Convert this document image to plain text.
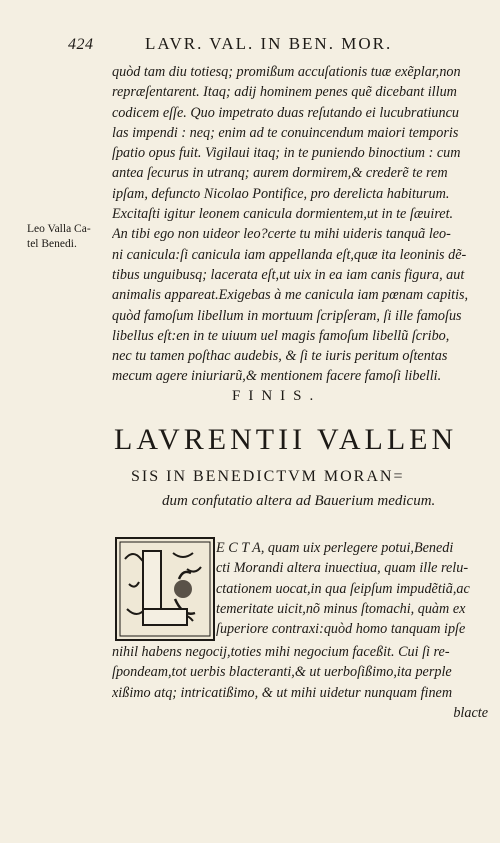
424	LAVR. VAL. IN BEN. MOR.
Leo Valla Ca-
tel Benedi.
quòd tam diu totiesq; promißum accuſationis tuæ exẽplar,non
repræſentarent. Itaq; adij hominem penes quẽ dicebant illum
codicem eſſe. Quo impetrato duas reſutando ei lucubratiuncu
las impendi : neq; enim ad te conuincendum maiori temporis
ſpatio opus fuit. Vigilaui itaq; in te puniendo binoctium : cum
antea ſecurus in utranq; aurem dormirem,& crederẽ te rem
ipſam, defuncto Nicolao Pontifice, pro derelicta habiturum.
Excitaſti igitur leonem canicula dormientem,ut in te ſæuiret.
An tibi ego non uideor leo?certe tu mihi uideris tanquã leo-
ni canicula:ſi canicula iam appellanda eſt,quæ ita leoninis dẽ-
tibus unguibusq; lacerata eſt,ut uix in ea iam canis figura, aut
animalis appareat.Exigebas à me canicula iam pœnam capitis,
quòd famoſum libellum in mortuum ſcripſeram, ſi ille famoſus
libellus eſt:en in te uiuum uel magis famoſum libellũ ſcribo,
nec tu tamen poſthac audebis, & ſi te iuris peritum oſtentas
mecum agere iniuriarũ,& mentionem facere famoſi libelli.
FINIS.
LAVRENTII VALLEN
SIS IN BENEDICTVM MORAN=
dum confutatio altera ad Bauerium medicum.
E C T A, quam uix perlegere potui,Benedi
cti Morandi altera inuectiua, quam ille relu-
ctationem uocat,in qua ſeipſum impudẽtiã,ac
temeritate uicit,nõ minus ſtomachi, quàm ex
ſuperiore contraxi:quòd homo tanquam ipſe
nihil habens negocij,toties mihi negocium faceßit. Cui ſi re-
ſpondeam,tot uerbis blacteranti,& ut uerboſißimo,ita perple
xißimo atq; intricatißimo, & ut mihi uidetur nunquam finem
blacte
